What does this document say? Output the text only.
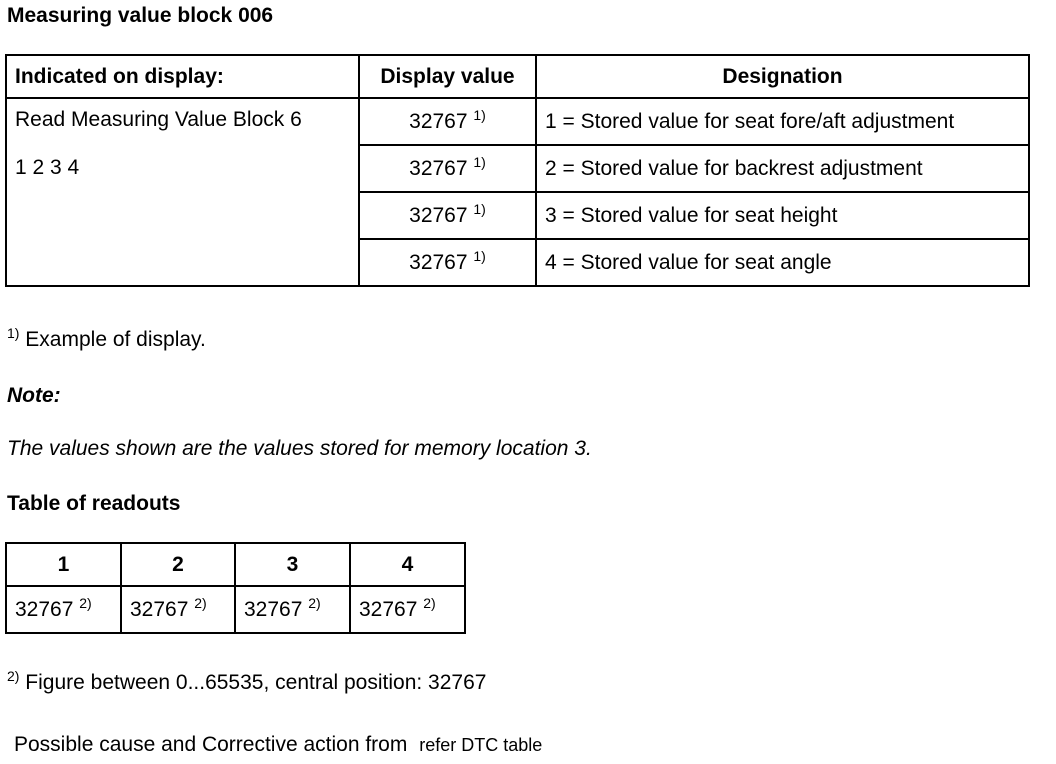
Measuring value block 006
Indicated on display:	Display value	Designation

Read Measuring Value Block 6
1 2 3 4	32767 $^{1)}$	1 = Stored value for seat fore/aft adjustment
	32767 $^{1)}$	2 = Stored value for backrest adjustment
	32767 $^{1)}$	3 = Stored value for seat height
	32767 $^{1)}$	4 = Stored value for seat angle
$^{1)}$ Example of display.
Note:
The values shown are the values stored for memory location 3.
Table of readouts
1	2	3	4
32767 $^{2)}$	32767 $^{2)}$	32767 $^{2)}$	32767 $^{2)}$
$^{2)}$ Figure between 0...65535, central position: 32767
Possible cause and Corrective action from refer DTC table
